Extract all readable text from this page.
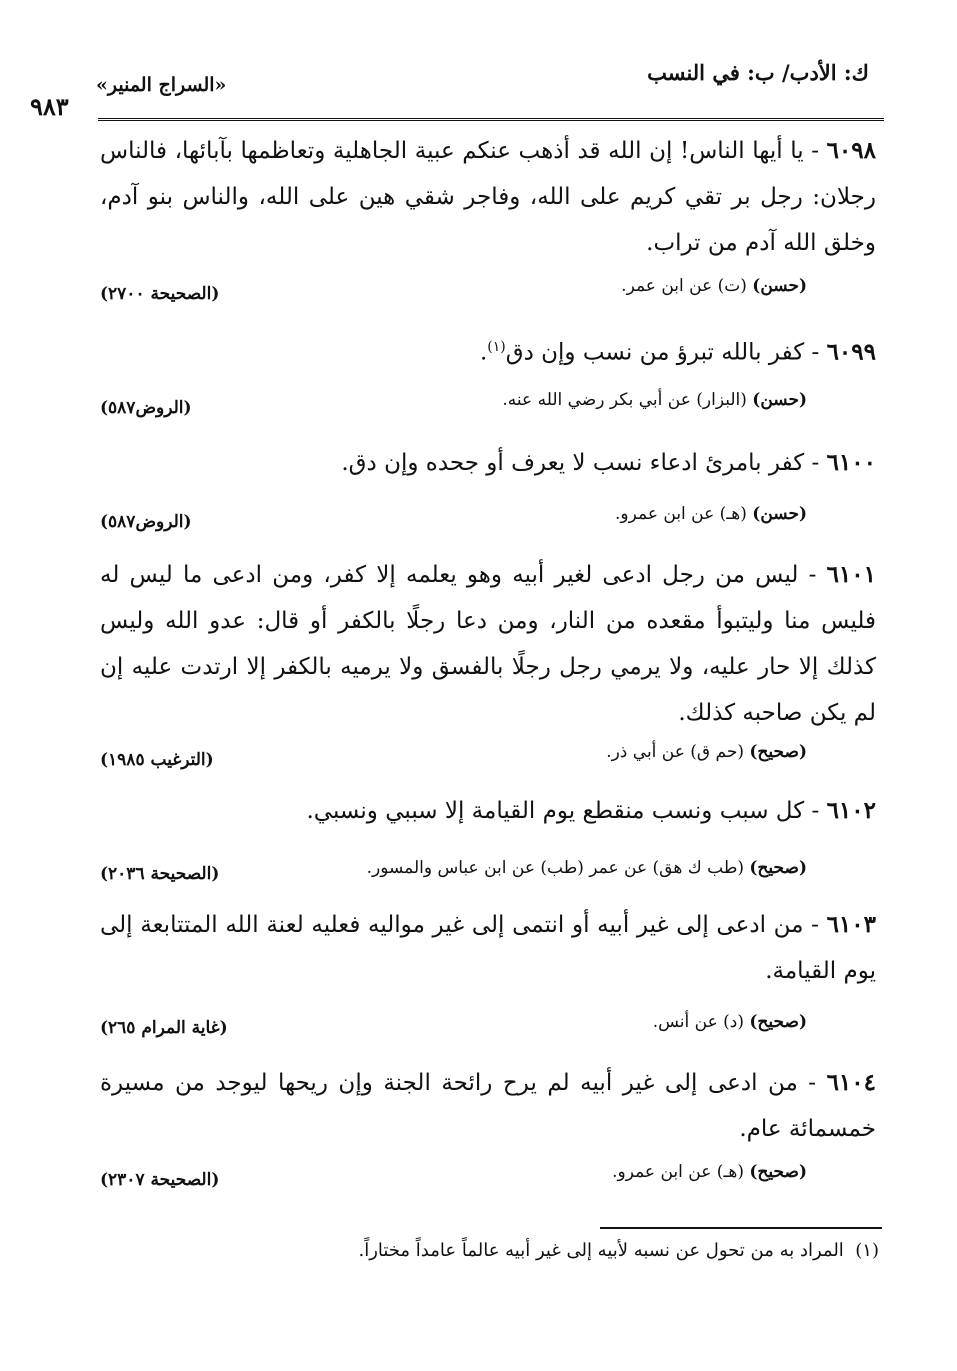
ك: الأدب/ ب: في النسب
«السراج المنير»
٩٨٣
٦٠٩٨ - يا أيها الناس! إن الله قد أذهب عنكم عبية الجاهلية وتعاظمها بآبائها، فالناس رجلان: رجل بر تقي كريم على الله، وفاجر شقي هين على الله، والناس بنو آدم، وخلق الله آدم من تراب.
(حسن) (ت) عن ابن عمر.
(الصحيحة ٢٧٠٠)
٦٠٩٩ - كفر بالله تبرؤ من نسب وإن دق$^{(١)}$.
(حسن) (البزار) عن أبي بكر رضي الله عنه.
(الروض٥٨٧)
٦١٠٠ - كفر بامرئ ادعاء نسب لا يعرف أو جحده وإن دق.
(حسن) (هـ) عن ابن عمرو.
(الروض٥٨٧)
٦١٠١ - ليس من رجل ادعى لغير أبيه وهو يعلمه إلا كفر، ومن ادعى ما ليس له فليس منا وليتبوأ مقعده من النار، ومن دعا رجلًا بالكفر أو قال: عدو الله وليس كذلك إلا حار عليه، ولا يرمي رجل رجلًا بالفسق ولا يرميه بالكفر إلا ارتدت عليه إن لم يكن صاحبه كذلك.
(صحيح) (حم ق) عن أبي ذر.
(الترغيب ١٩٨٥)
٦١٠٢ - كل سبب ونسب منقطع يوم القيامة إلا سببي ونسبي.
(صحيح) (طب ك هق) عن عمر (طب) عن ابن عباس والمسور.
(الصحيحة ٢٠٣٦)
٦١٠٣ - من ادعى إلى غير أبيه أو انتمى إلى غير مواليه فعليه لعنة الله المتتابعة إلى يوم القيامة.
(صحيح) (د) عن أنس.
(غاية المرام ٢٦٥)
٦١٠٤ - من ادعى إلى غير أبيه لم يرح رائحة الجنة وإن ريحها ليوجد من مسيرة خمسمائة عام.
(صحيح) (هـ) عن ابن عمرو.
(الصحيحة ٢٣٠٧)
(١)  المراد به من تحول عن نسبه لأبيه إلى غير أبيه عالماً عامداً مختاراً.
